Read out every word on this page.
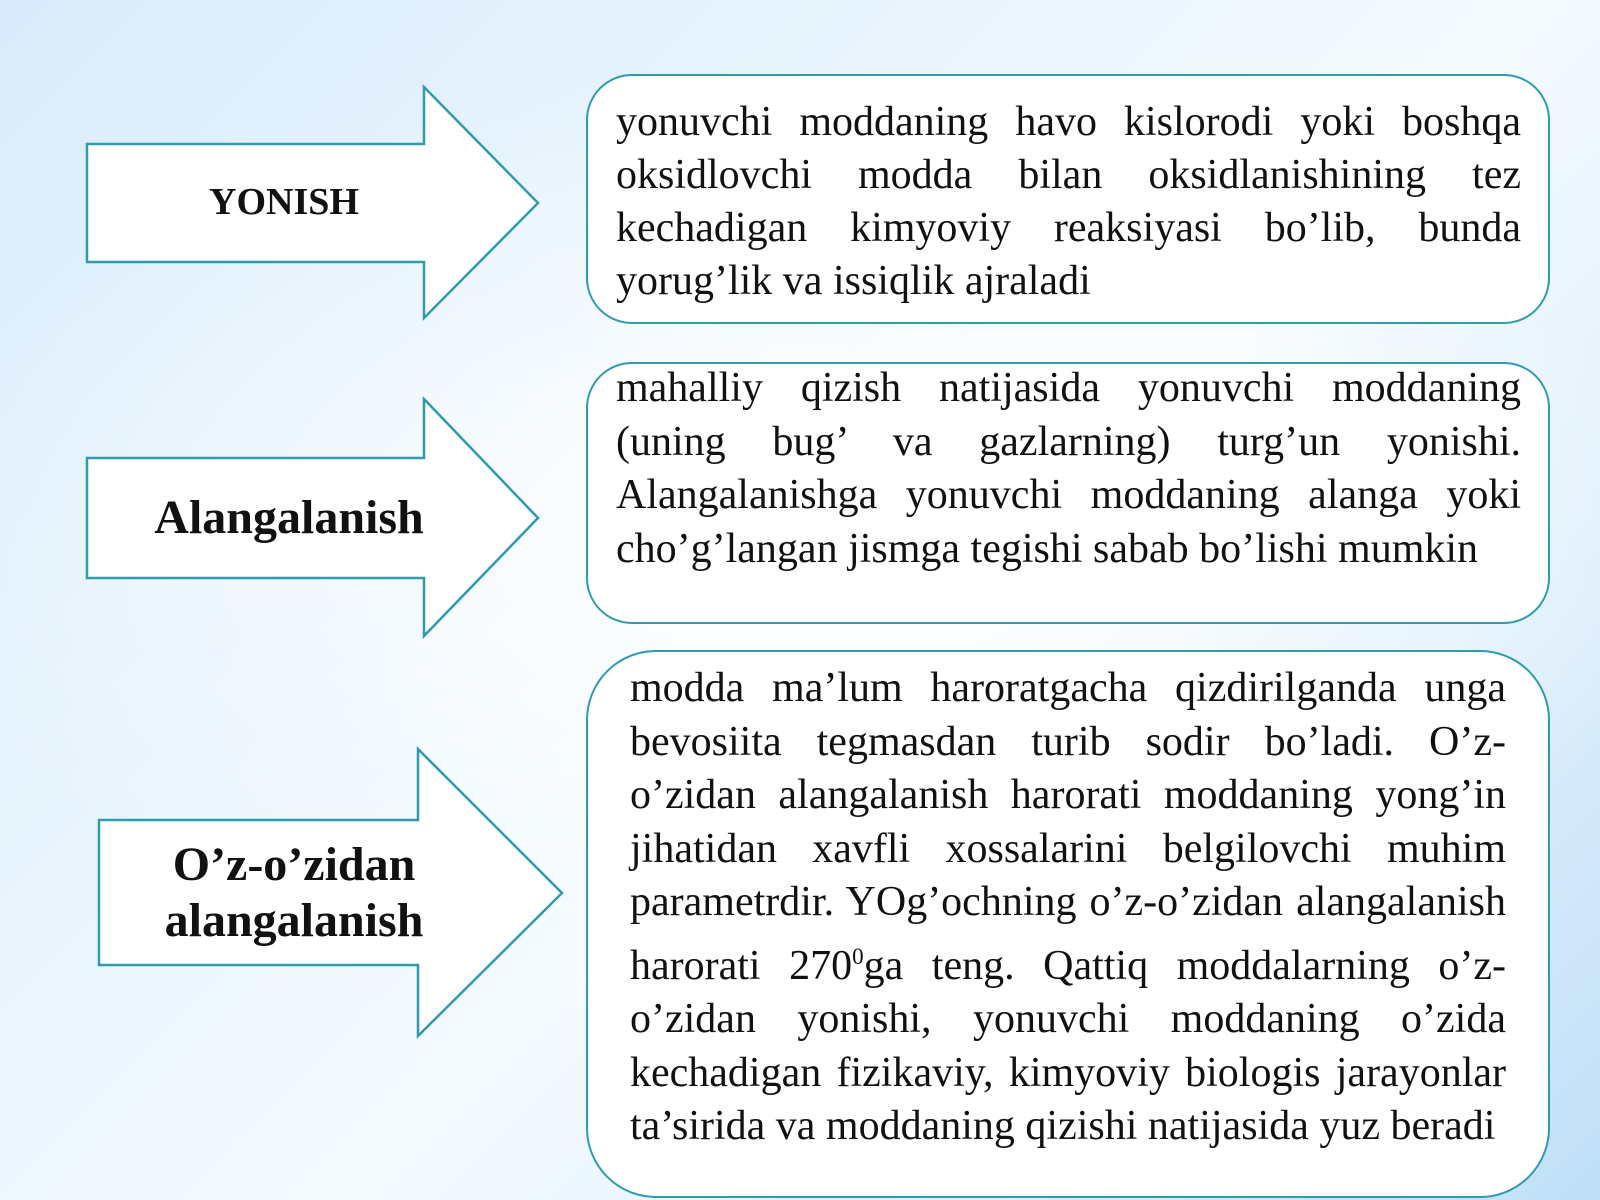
YONISH
yonuvchi moddaning havo kislorodi yoki boshqa oksidlovchi modda bilan oksidlanishining tez kechadigan kimyoviy reaksiyasi bo’lib, bunda yorug’lik va issiqlik ajraladi
Alangalanish
mahalliy qizish natijasida yonuvchi moddaning (uning bug’ va gazlarning) turg’un yonishi. Alangalanishga yonuvchi moddaning alanga yoki cho’g’langan jismga tegishi sabab bo’lishi mumkin
O’z-o’zidan
alangalanish
modda ma’lum haroratgacha qizdirilganda unga bevosiita tegmasdan turib sodir bo’ladi. O’z-o’zidan alangalanish harorati moddaning yong’in jihatidan xavfli xossalarini belgilovchi muhim parametrdir. YOg’ochning o’z-o’zidan alangalanish harorati $270^0ga$ teng. Qattiq moddalarning o’z-o’zidan yonishi, yonuvchi moddaning o’zida kechadigan fizikaviy, kimyoviy biologis jarayonlar ta’sirida va moddaning qizishi natijasida yuz beradi
